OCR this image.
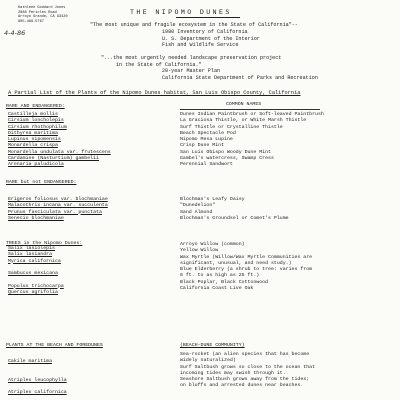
Kathleen Goddard Jones
2888 Pericles Road
Arroyo Grande, CA 93420
805-489-5767
4-4-86
THE NIPOMO DUNES
"The most unique and fragile ecosystem in the State of California"--
1980 Inventory of California
U. S. Department of the Interior
Fish and Wildlife Service
"...the most urgently needed landscape preservation project
in the State of California."
20-year Master Plan
California State Department of Parks and Recreation
A Partial List of the Plants of the Nipomo Dunes habitat, San Luis Obispo County, California
RARE AND ENDANGERED:	COMMON NAMES
Castilleja mollis
Cirsium loncholepis
Cirsium rhothophilum
Dithyrea maritima
Lupinus nipomensis
Monardella crispa
Monardella undulata var. frutescens
Cardamine (Nasturtium) gambelii
Arenaria paludicola
Dunes Indian Paintbrush or Soft-leaved Paintbrush
La Graciosa Thistle, or White Marsh Thistle
Surf Thistle or Crystalline Thistle
Beach Spectacle Pod
Nipomo Mesa Lupine
Crisp Dune Mint
San Luis Obispo Woody Dune Mint
Gambel's watercress, Swamp Cress
Perennial Sandwort
RARE but not ENDANGERED:
Erigeron foliosus var. blochmaniae
Malacothrix incana var. succulenta
Prunus fasciculata var. punctata
Senecio blochmaniae
Blochman's Leafy Daisy
"Dunedelion"
Sand Almond
Blochman's Groundsel or Comet's Plume
TREES in the Nipomo Dunes:
Salix lasiolepis
Salix lasiandra
Myrica californica
Sambucus mexicana
Populus trichocarpa
Quercus agrifolia
Arroyo Willow (common)
Yellow Willow
Wax Myrtle (Willow/Wax Myrtle Communities are
significant, unusual, and need study.)
Blue Elderberry (a shrub to tree: varies from
6 ft. to as high as 25 ft.)
Black Poplar, Black Cottonwood
California Coast Live Oak
PLANTS AT THE BEACH AND FOREDUNES	(BEACH-DUNE COMMUNITY)
Cakile maritima
Atriplex leucophylla
Atriplex californica
Sea-rocket (an alien species that has become
widely naturalized)
Surf Saltbush grows so close to the ocean that
incoming tides may swish through it.
Seashore Saltbush grows away from the tides;
on bluffs and arrested dunes near beaches.
